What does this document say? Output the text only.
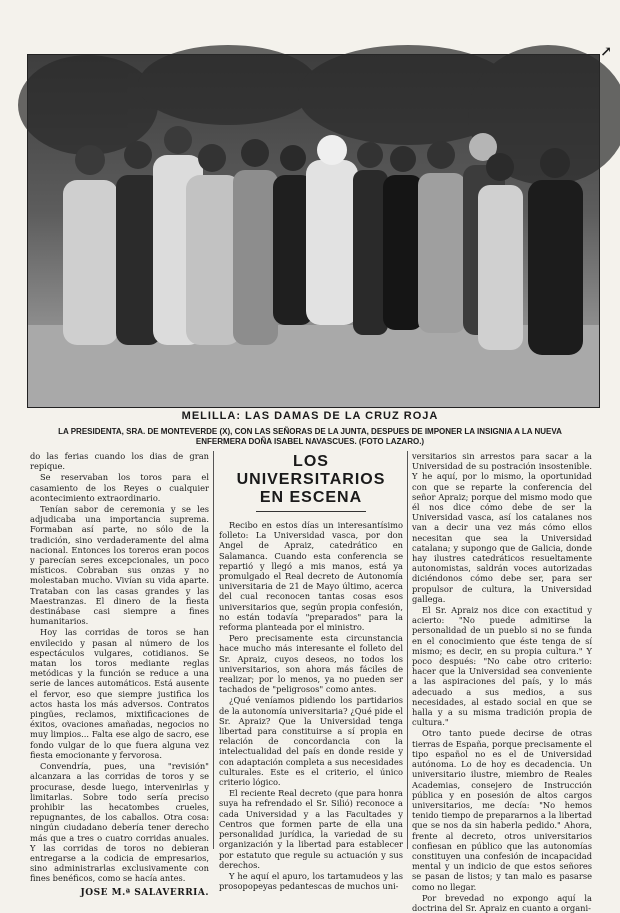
↗
MELILLA: LAS DAMAS DE LA CRUZ ROJA
LA PRESIDENTA, SRA. DE MONTEVERDE (X), CON LAS SEÑORAS DE LA JUNTA, DESPUES DE IMPONER LA INSIGNIA A LA NUEVA ENFERMERA DOÑA ISABEL NAVASCUES. (FOTO LAZARO.)

do las ferias cuando los dias de gran repique.

Se reservaban los toros para el casamiento de los Reyes o cualquier acontecimiento extraordinario.

Tenían sabor de ceremonia y se les adjudicaba una importancia suprema. Formaban así parte, no sólo de la tradición, sino verdaderamente del alma nacional. Entonces los toreros eran pocos y parecían seres excepcionales, un poco místicos. Cobraban sus onzas y no molestaban mucho. Vivían su vida aparte. Trataban con las casas grandes y las Maestranzas. El dinero de la fiesta destinábase casi siempre a fines humanitarios.

Hoy las corridas de toros se han envilecido y pasan al número de los espectáculos vulgares, cotidianos. Se matan los toros mediante reglas metódicas y la función se reduce a una serie de lances automáticos. Está ausente el fervor, eso que siempre justifica los actos hasta los más adversos. Contratos pingües, reclamos, mixtificaciones de éxitos, ovaciones amañadas, negocios no muy limpios... Falta ese algo de sacro, ese fondo vulgar de lo que fuera alguna vez fiesta emocionante y fervorosa.

Convendría, pues, una "revisión" alcanzara a las corridas de toros y se procurase, desde luego, intervenirlas y limitarlas. Sobre todo sería preciso prohibir las hecatombes crueles, repugnantes, de los caballos. Otra cosa: ningún ciudadano debería tener derecho más que a tres o cuatro corridas anuales. Y las corridas de toros no debieran entregarse a la codicia de empresarios, sino administrarlas exclusivamente con fines benéficos, como se hacía antes.

JOSE M.ª SALAVERRIA.
LOS UNIVERSITARIOS
EN ESCENA

Recibo en estos días un interesantísimo folleto: La Universidad vasca, por don Angel de Apraiz, catedrático en Salamanca. Cuando esta conferencia se repartió y llegó a mis manos, está ya promulgado el Real decreto de Autonomía universitaria de 21 de Mayo último, acerca del cual reconocen tantas cosas esos universitarios que, según propia confesión, no están todavía "preparados" para la reforma planteada por el ministro.

Pero precisamente esta circunstancia hace mucho más interesante el folleto del Sr. Apraiz, cuyos deseos, no todos los universitarios, son ahora más fáciles de realizar; por lo menos, ya no pueden ser tachados de "peligrosos" como antes.

¿Qué veníamos pidiendo los partidarios de la autonomía universitaria? ¿Qué pide el Sr. Apraiz? Que la Universidad tenga libertad para constituirse a sí propia en relación de concordancia con la intelectualidad del país en donde reside y con adaptación completa a sus necesidades culturales. Este es el criterio, el único criterio lógico.

El reciente Real decreto (que para honra suya ha refrendado el Sr. Silió) reconoce a cada Universidad y a las Facultades y Centros que formen parte de ella una personalidad jurídica, la variedad de su organización y la libertad para establecer por estatuto que regule su actuación y sus derechos.

Y he aquí el apuro, los tartamudeos y las prosopopeyas pedantescas de muchos uni-

versitarios sin arrestos para sacar a la Universidad de su postración insostenible. Y he aquí, por lo mismo, la oportunidad con que se reparte la conferencia del señor Apraiz; porque del mismo modo que él nos dice cómo debe de ser la Universidad vasca, así los catalanes nos van a decir una vez más cómo ellos necesitan que sea la Universidad catalana; y supongo que de Galicia, donde hay ilustres catedráticos resueltamente autonomistas, saldrán voces autorizadas diciéndonos cómo debe ser, para ser propulsor de cultura, la Universidad gallega.

El Sr. Apraiz nos dice con exactitud y acierto: "No puede admitirse la personalidad de un pueblo si no se funda en el conocimiento que éste tenga de sí mismo; es decir, en su propia cultura." Y poco después: "No cabe otro criterio: hacer que la Universidad sea conveniente a las aspiraciones del país, y lo más adecuado a sus medios, a sus necesidades, al estado social en que se halla y a su misma tradición propia de cultura."

Otro tanto puede decirse de otras tierras de España, porque precisamente el tipo español no es el de Universidad autónoma. Lo de hoy es decadencia. Un universitario ilustre, miembro de Reales Academias, consejero de Instrucción pública y en posesión de altos cargos universitarios, me decía: "No hemos tenido tiempo de prepararnos a la libertad que se nos da sin haberla pedido." Ahora, frente al decreto, otros universitarios confiesan en público que las autonomías constituyen una confesión de incapacidad mental y un indicio de que estos señores se pasan de listos; y tan malo es pasarse como no llegar.

Por brevedad no expongo aquí la doctrina del Sr. Apraiz en cuanto a organi-
